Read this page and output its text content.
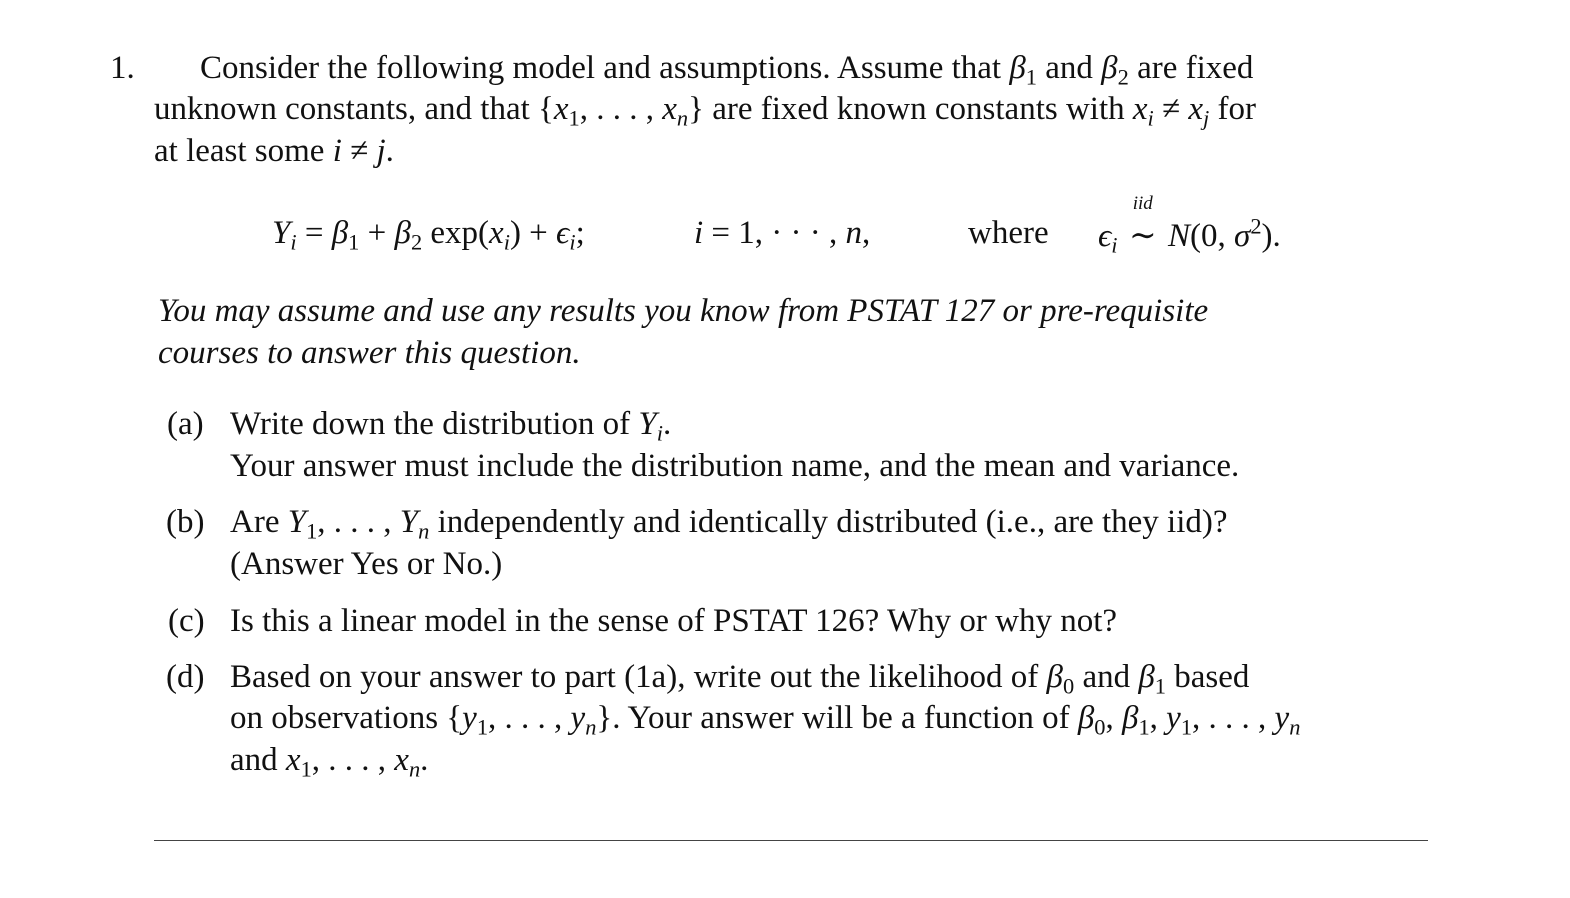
1. Consider the following model and assumptions. Assume that $\beta_1$ and $\beta_2$ are fixed
unknown constants, and that {$x_1$, . . . , $x_n$} are fixed known constants with $x_i \ne x_j$ for
at least some i ≠ j.
$Y_i = \beta_1 + \beta_2$ $\exp(x_i) + \epsilon_i$;	i = 1, · · · , n,	where $\epsilon_i$
iid
∼ N(0, $\sigma^2$).
You may assume and use any results you know from PSTAT 127 or pre-requisite
courses to answer this question.
(a) Write down the distribution of $Y_i$.
Your answer must include the distribution name, and the mean and variance.
(b) Are $Y_1$, . . . , $Y_n$ independently and identically distributed (i.e., are they iid)?
(Answer Yes or No.)
(c) Is this a linear model in the sense of PSTAT 126? Why or why not?
(d) Based on your answer to part (1a), write out the likelihood of $\beta_0$ and $\beta_1$ based
on observations {$y_1$, . . . , $y_n$}. Your answer will be a function of $\beta_0$, $\beta_1$, $y_1$, . . . , $y_n$
and $x_1$, . . . , $x_n$.
